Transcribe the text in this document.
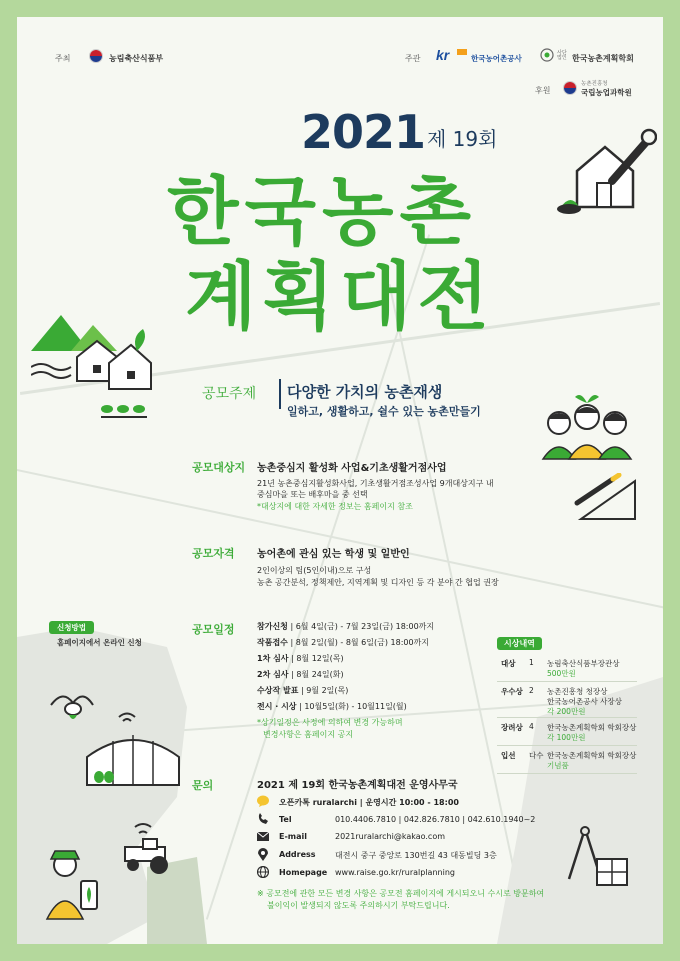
주최	농림축산식품부	주관 kr	한국농어촌공사
사단법인 한국농촌계획학회
후원
농촌진흥청
국립농업과학원
2021 제 19회
한국농촌
계획대전
공모주제 다양한 가치의 농촌재생
일하고, 생활하고, 쉴수 있는 농촌만들기
공모대상지 농촌중심지 활성화 사업&기초생활거점사업
21년 농촌중심지활성화사업, 기초생활거점조성사업 9개대상지구 내
중심마을 또는 배후마을 중 선택
*대상지에 대한 자세한 정보는 홈페이지 참조
공모자격 농어촌에 관심 있는 학생 및 일반인
2인이상의 팀(5인이내)으로 구성
농촌 공간분석, 정책제안, 지역계획 및 디자인 등 각 분야 간 협업 권장
신청방법
홈페이지에서 온라인 신청
공모일정
*상기일정은 사정에 의하여 변경 가능하며
변경사항은 홈페이지 공지
시상내역
대상 1 농림축산식품부장관상
500만원
우수상 2 농촌진흥청 청장상
한국농어촌공사 사장상
각 200만원
장려상 4 한국농촌계획학회 학회장상
각 100만원
입선 다수 한국농촌계획학회 학회장상
기념품
문의	2021 제 19회 한국농촌계획대전 운영사무국
오픈카톡 ruralarchi | 운영시간 10:00 - 18:00
Tel	010.4406.7810 | 042.826.7810 | 042.610.1940~2
E-mail	2021ruralarchi@kakao.com
Address 대전시 중구 중앙로 130번길 43 대동빌딩 3층
Homepage www.raise.go.kr/ruralplanning
※ 공모전에 관한 모든 변경 사항은 공모전 홈페이지에 게시되오니 수시로 방문하여
불이익이 발생되지 않도록 주의하시기 부탁드립니다.
참가신청 | 6월 4일(금) - 7월 23일(금) 18:00까지
작품접수 | 8월 2일(월) - 8월 6일(금) 18:00까지
1차 심사 | 8월 12일(목)
2차 심사 | 8월 24일(화)
수상작 발표 | 9월 2일(목)
전시 · 시상 | 10월5일(화) - 10월11일(월)
